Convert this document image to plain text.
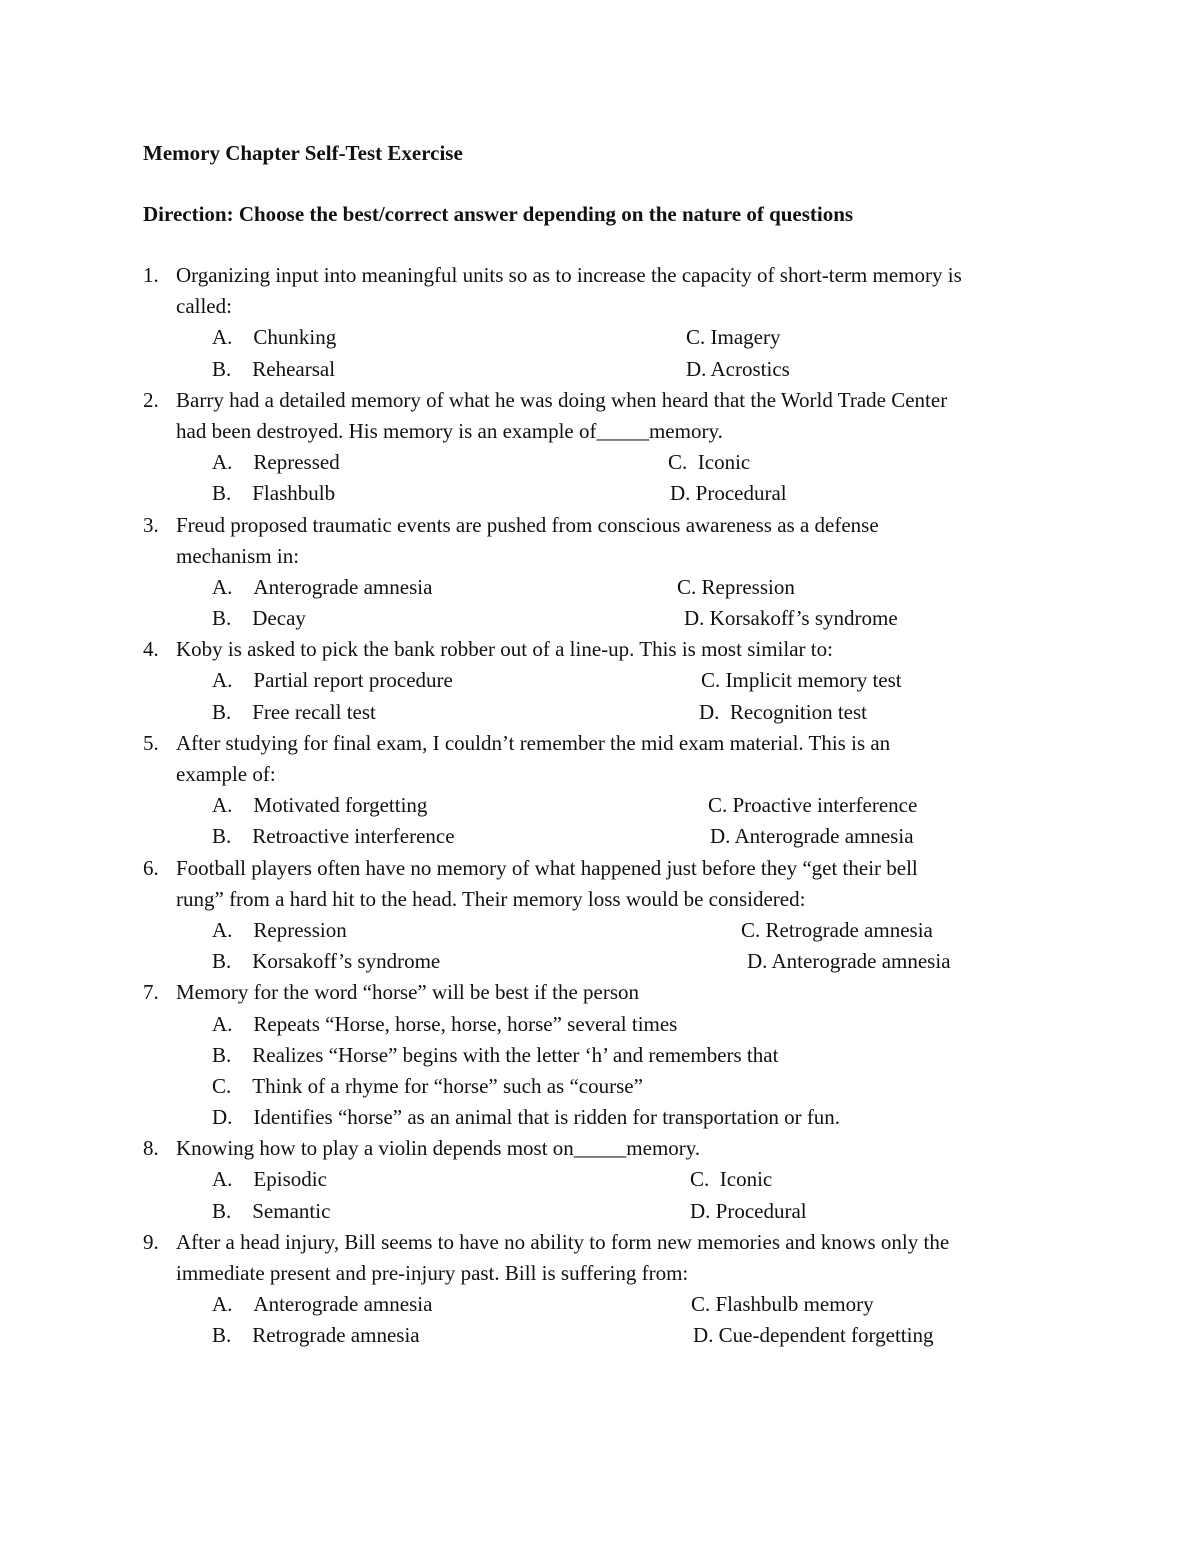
Memory Chapter Self-Test Exercise
Direction: Choose the best/correct answer depending on the nature of questions
1. Organizing input into meaningful units so as to increase the capacity of short-term memory is
called:
A. Chunking	C. Imagery
B. Rehearsal	D. Acrostics
2. Barry had a detailed memory of what he was doing when heard that the World Trade Center
had been destroyed. His memory is an example of_____memory.
A. Repressed	C. Iconic
B. Flashbulb	D. Procedural
3. Freud proposed traumatic events are pushed from conscious awareness as a defense
mechanism in:
A. Anterograde amnesia	C. Repression
B. Decay	D. Korsakoff’s syndrome
4. Koby is asked to pick the bank robber out of a line-up. This is most similar to:
A. Partial report procedure	C. Implicit memory test
B. Free recall test	D. Recognition test
5. After studying for final exam, I couldn’t remember the mid exam material. This is an
example of:
A. Motivated forgetting	C. Proactive interference
B. Retroactive interference	D. Anterograde amnesia
6. Football players often have no memory of what happened just before they “get their bell
rung” from a hard hit to the head. Their memory loss would be considered:
A. Repression	C. Retrograde amnesia
B. Korsakoff’s syndrome	D. Anterograde amnesia
7. Memory for the word “horse” will be best if the person
A. Repeats “Horse, horse, horse, horse” several times
B. Realizes “Horse” begins with the letter ‘h’ and remembers that
C. Think of a rhyme for “horse” such as “course”
D. Identifies “horse” as an animal that is ridden for transportation or fun.
8. Knowing how to play a violin depends most on_____memory.
A. Episodic	C. Iconic
B. Semantic	D. Procedural
9. After a head injury, Bill seems to have no ability to form new memories and knows only the
immediate present and pre-injury past. Bill is suffering from:
A. Anterograde amnesia	C. Flashbulb memory
B. Retrograde amnesia	D. Cue-dependent forgetting
